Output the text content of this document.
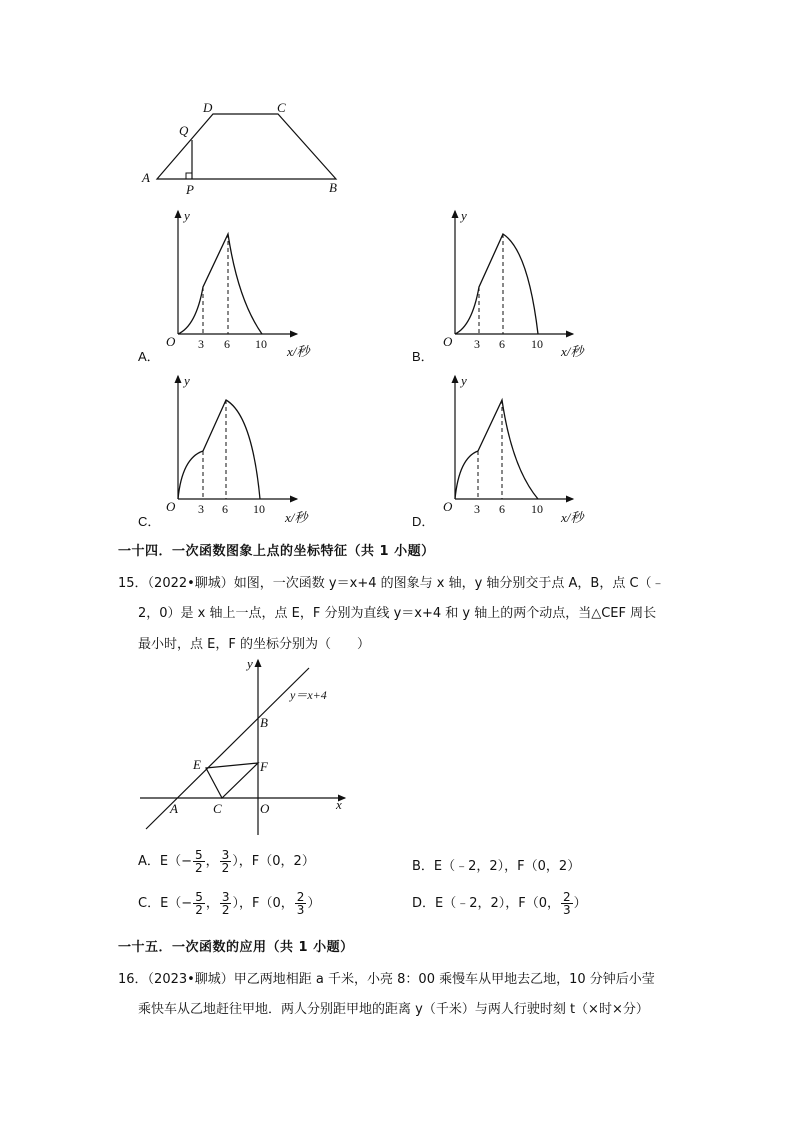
A
B
C
D
P
Q
y
O 3 6 10 x/秒
A．
y
O 3 6 10 x/秒
B．
y
O 3 6 10
x/秒
C．
y
O 3 6 10
x/秒
D．
一十四．一次函数图象上点的坐标特征（共 1 小题）
15．（2022•聊城）如图，一次函数 y＝x+4 的图象与 x 轴，y 轴分别交于点 A，B，点 C（﹣
2，0）是 x 轴上一点，点 E，F 分别为直线 y＝x+4 和 y 轴上的两个动点，当△CEF 周长
最小时，点 E，F 的坐标分别为（　　）
y
x
y＝x+4
A
B
C
E	F
O
A．$E(- \frac{5}{2}$ ， $\frac{3}{2}$ ），F（0，2）	B．E（﹣2，2），F（0，2）
C．$E(- \frac{5}{2}$ ， $\frac{3}{2}$ ），F（0， $\frac{2}{3}$ ）	D．E（﹣2，2），F（0， $\frac{2}{3}$ ）
一十五．一次函数的应用（共 1 小题）
16．（2023•聊城）甲乙两地相距 a 千米，小亮 8：00 乘慢车从甲地去乙地，10 分钟后小莹
乘快车从乙地赶往甲地．两人分别距甲地的距离 y（千米）与两人行驶时刻 t（×时×分）
